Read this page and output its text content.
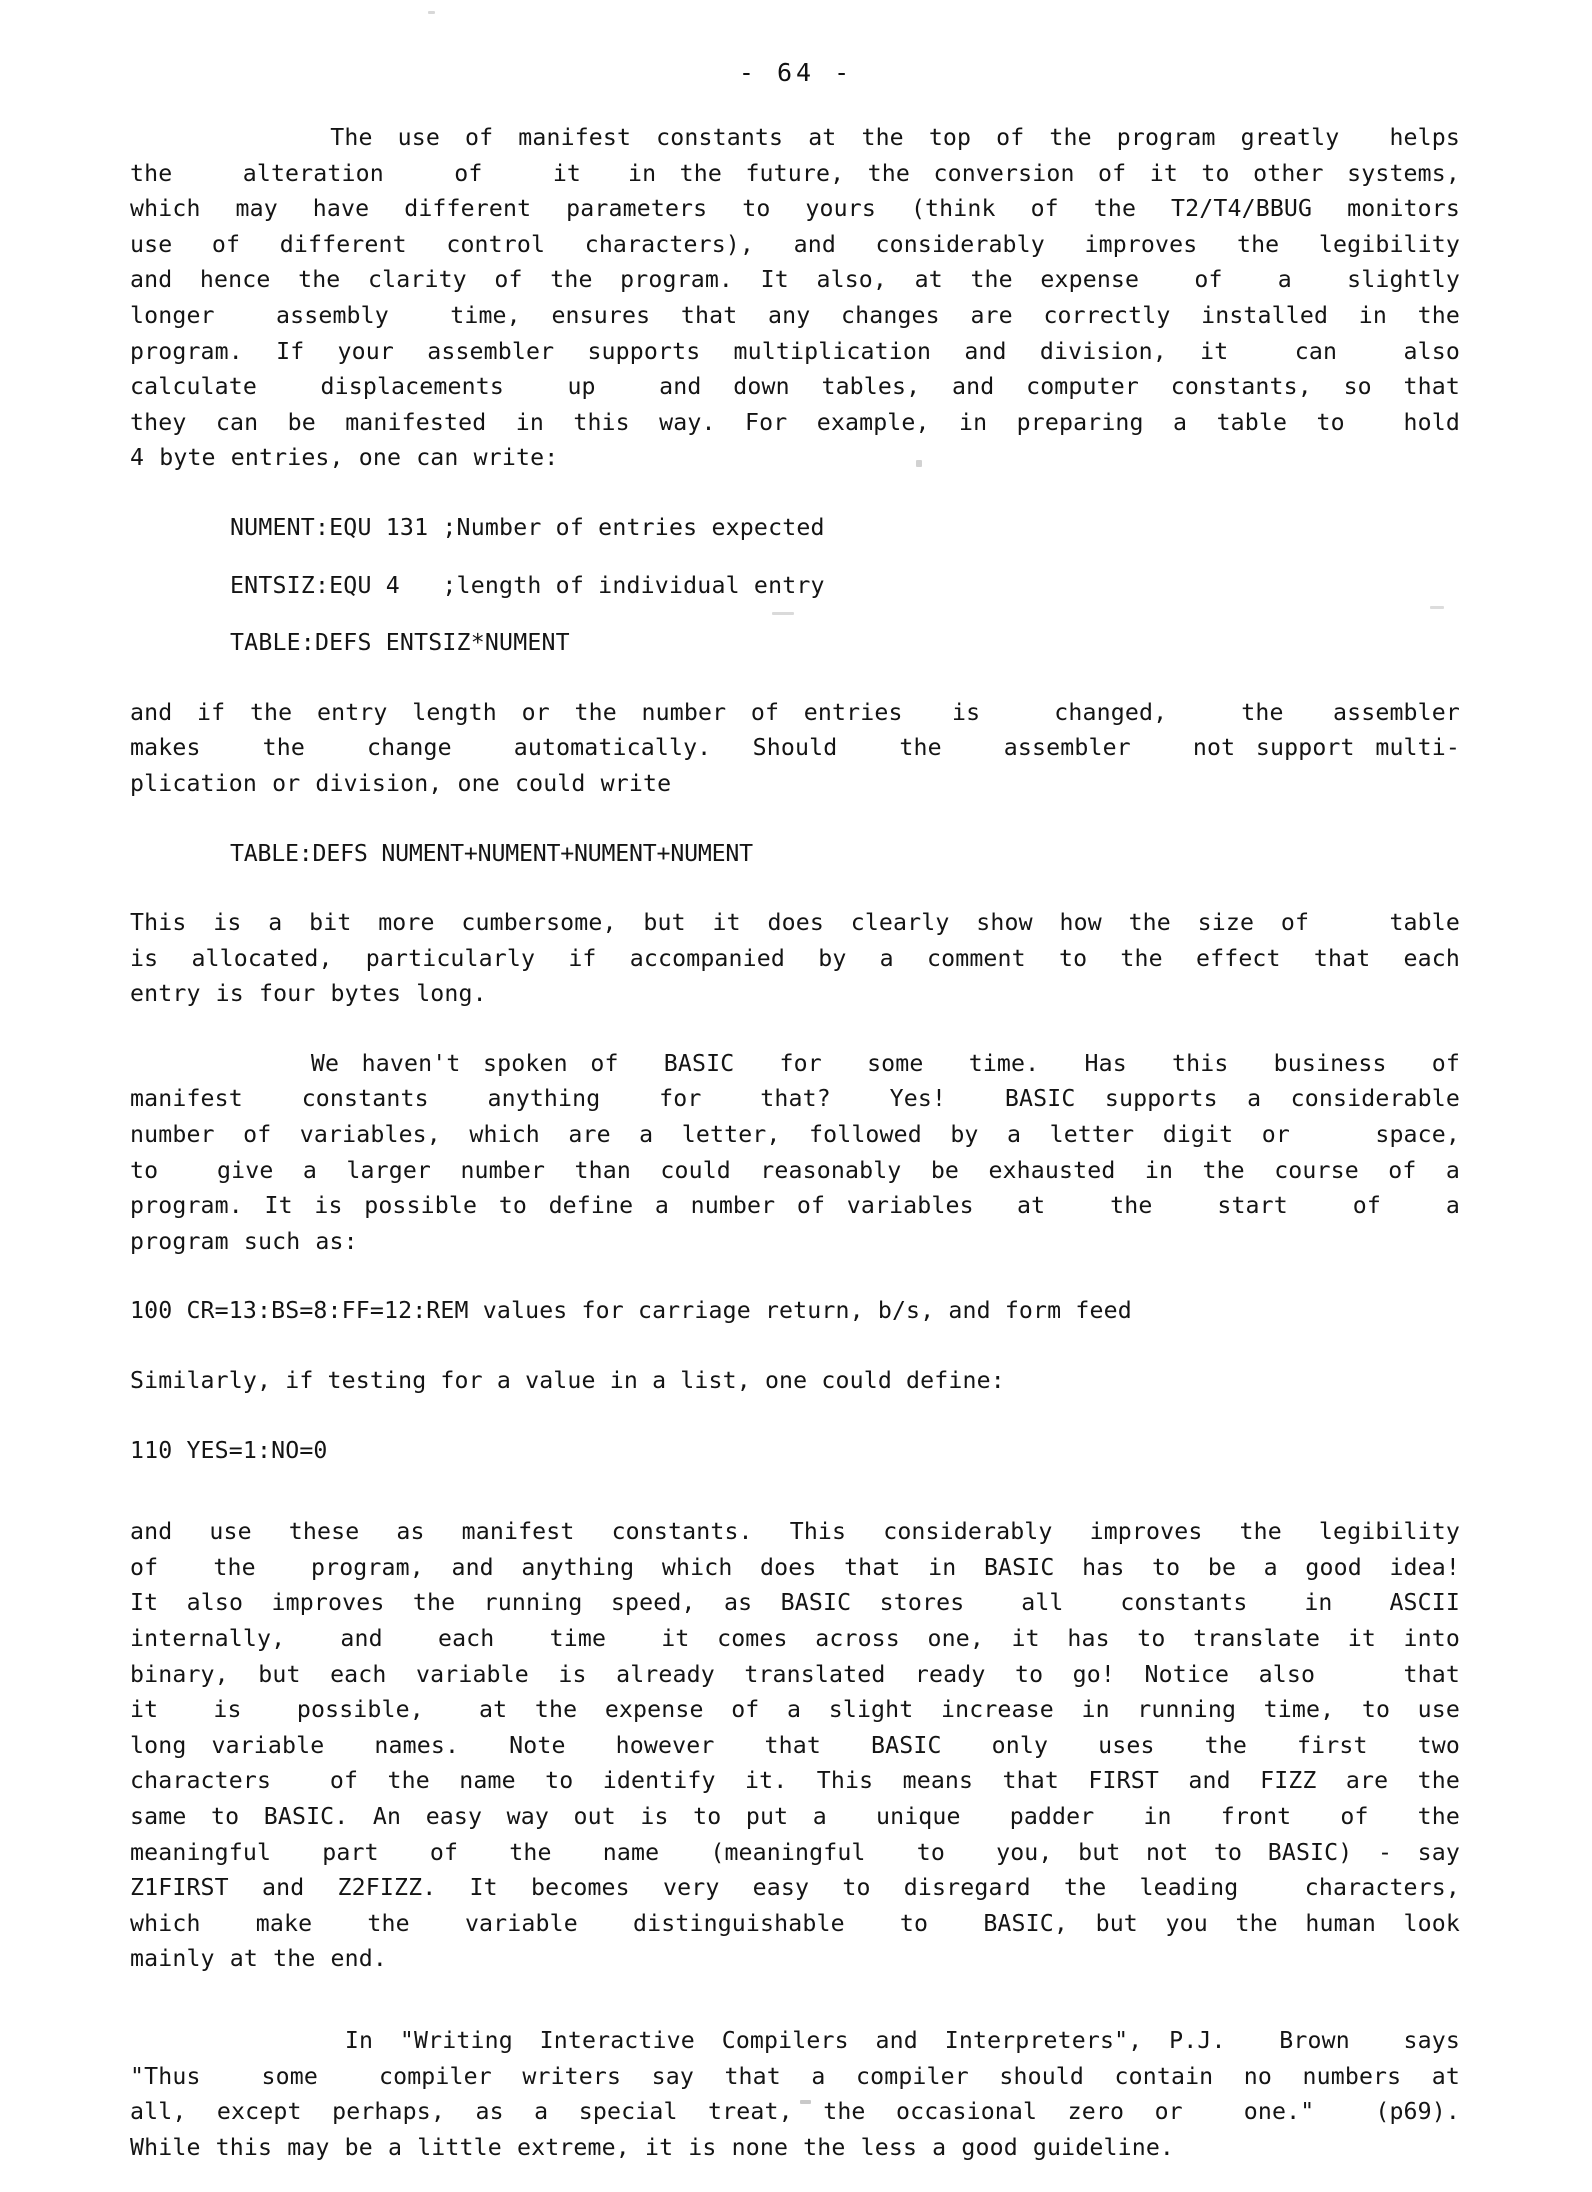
- 64 -
The use of manifest constants at the top of the program greatly  helps
the   alteration   of   it  in the future, the conversion of it to other systems,
which may have different parameters to yours (think of the T2/T4/BBUG monitors
use of different control characters), and considerably improves the legibility
and hence the clarity of the program. It also, at the expense  of  a  slightly
longer  assembly  time, ensures that any changes are correctly installed in the
program. If your assembler supports multiplication and division, it  can  also
calculate  displacements  up  and down tables, and computer constants, so that
they can be manifested in this way. For example, in preparing a table to  hold
4 byte entries, one can write:
NUMENT:EQU 131 ;Number of entries expected
ENTSIZ:EQU 4   ;length of individual entry
TABLE:DEFS ENTSIZ*NUMENT
and if the entry length or the number of entries  is   changed,   the  assembler
makes   the   change   automatically.  Should   the   assembler   not support multi-
plication or division, one could write
TABLE:DEFS NUMENT+NUMENT+NUMENT+NUMENT
This is a bit more cumbersome, but it does clearly show how the size of   table
is allocated, particularly if accompanied by a comment to the effect that each
entry is four bytes long.
We haven't spoken of  BASIC  for  some  time.  Has  this  business  of
manifest  constants  anything  for  that?  Yes!  BASIC supports a considerable
number of variables, which are a letter, followed by a letter digit or   space,
to  give a larger number than could reasonably be exhausted in the course of a
program. It is possible to define a number of variables  at   the   start   of   a
program such as:
100 CR=13:BS=8:FF=12:REM values for carriage return, b/s, and form feed
Similarly, if testing for a value in a list, one could define:
110 YES=1:NO=0
and use these as manifest constants. This considerably improves the legibility
of  the  program, and anything which does that in BASIC has to be a good idea!
It also improves the running speed, as BASIC stores  all  constants  in  ASCII
internally,  and  each  time  it comes across one, it has to translate it into
binary, but each variable is already translated ready to go! Notice also   that
it  is  possible,  at the expense of a slight increase in running time, to use
long variable  names.  Note  however  that  BASIC  only  uses  the  first  two
characters  of the name to identify it. This means that FIRST and FIZZ are the
same to BASIC. An easy way out is to put a  unique  padder  in  front  of  the
meaningful  part  of  the  name  (meaningful  to  you, but not to BASIC) - say
Z1FIRST and Z2FIZZ. It becomes very easy to disregard the leading  characters,
which  make  the  variable  distinguishable  to  BASIC, but you the human look
mainly at the end.
In "Writing Interactive Compilers and Interpreters", P.J.  Brown  says
"Thus  some  compiler writers say that a compiler should contain no numbers at
all, except perhaps, as a special treat, the occasional zero or  one."  (p69).
While this may be a little extreme, it is none the less a good guideline.
